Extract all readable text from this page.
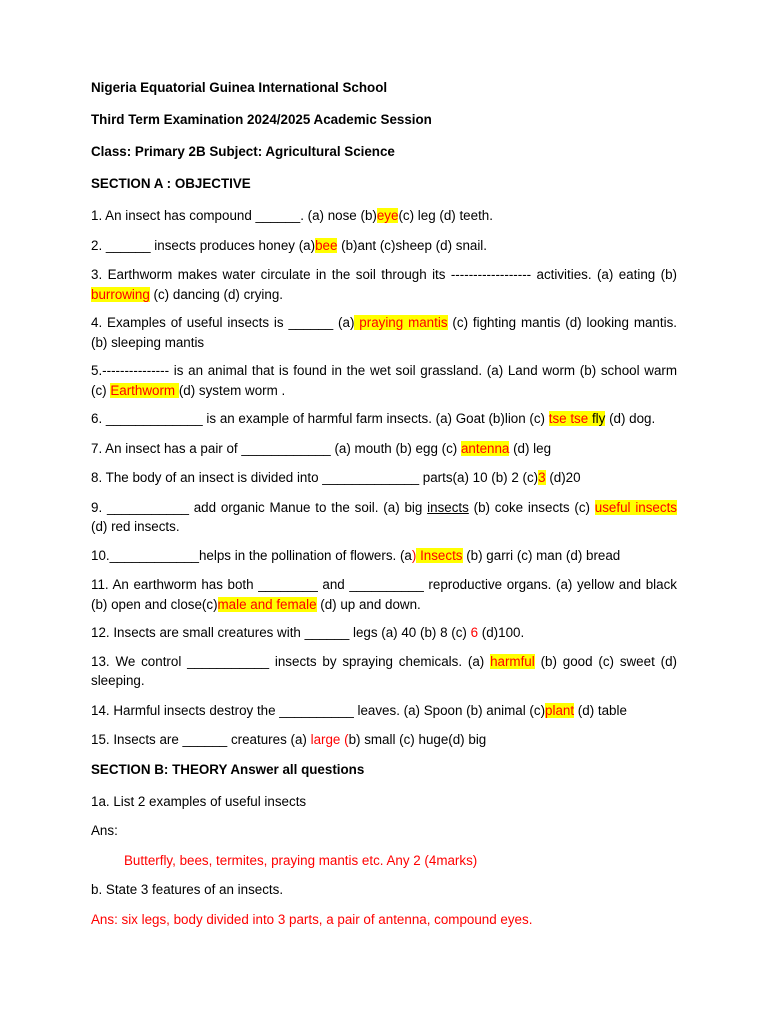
Nigeria Equatorial Guinea International School

Third Term Examination 2024/2025 Academic Session

Class: Primary 2B Subject: Agricultural Science

SECTION A : OBJECTIVE

1. An insect has compound ______. (a) nose (b)eye(c) leg (d) teeth.

2. ______ insects produces honey (a)bee (b)ant (c)sheep (d) snail.

3. Earthworm makes water circulate in the soil through its ------------------ activities. (a) eating (b) burrowing (c) dancing (d) crying.

4. Examples of useful insects is ______ (a) praying mantis (c) fighting mantis (d) looking mantis. (b) sleeping mantis

5.--------------- is an animal that is found in the wet soil grassland. (a) Land worm (b) school warm (c) Earthworm (d) system worm .

6. _____________ is an example of harmful farm insects. (a) Goat (b)lion (c) tse tse fly (d) dog.

7. An insect has a pair of ____________ (a) mouth (b) egg (c) antenna (d) leg

8. The body of an insect is divided into _____________ parts(a) 10 (b) 2 (c)3 (d)20

9. ___________ add organic Manue to the soil. (a) big insects (b) coke insects (c) useful insects (d) red insects.

10.____________helps in the pollination of flowers. (a) Insects (b) garri (c) man (d) bread

11. An earthworm has both ________ and __________ reproductive organs. (a) yellow and black (b) open and close(c)male and female (d) up and down.

12. Insects are small creatures with ______ legs (a) 40 (b) 8 (c) 6 (d)100.

13. We control ___________ insects by spraying chemicals. (a) harmful (b) good (c) sweet (d) sleeping.

14. Harmful insects destroy the __________ leaves. (a) Spoon (b) animal (c)plant (d) table

15. Insects are ______ creatures (a) large (b) small (c) huge(d) big

SECTION B: THEORY Answer all questions

1a. List 2 examples of useful insects

Ans:

Butterfly, bees, termites, praying mantis etc. Any 2 (4marks)

b. State 3 features of an insects.

Ans: six legs, body divided into 3 parts, a pair of antenna, compound eyes.
